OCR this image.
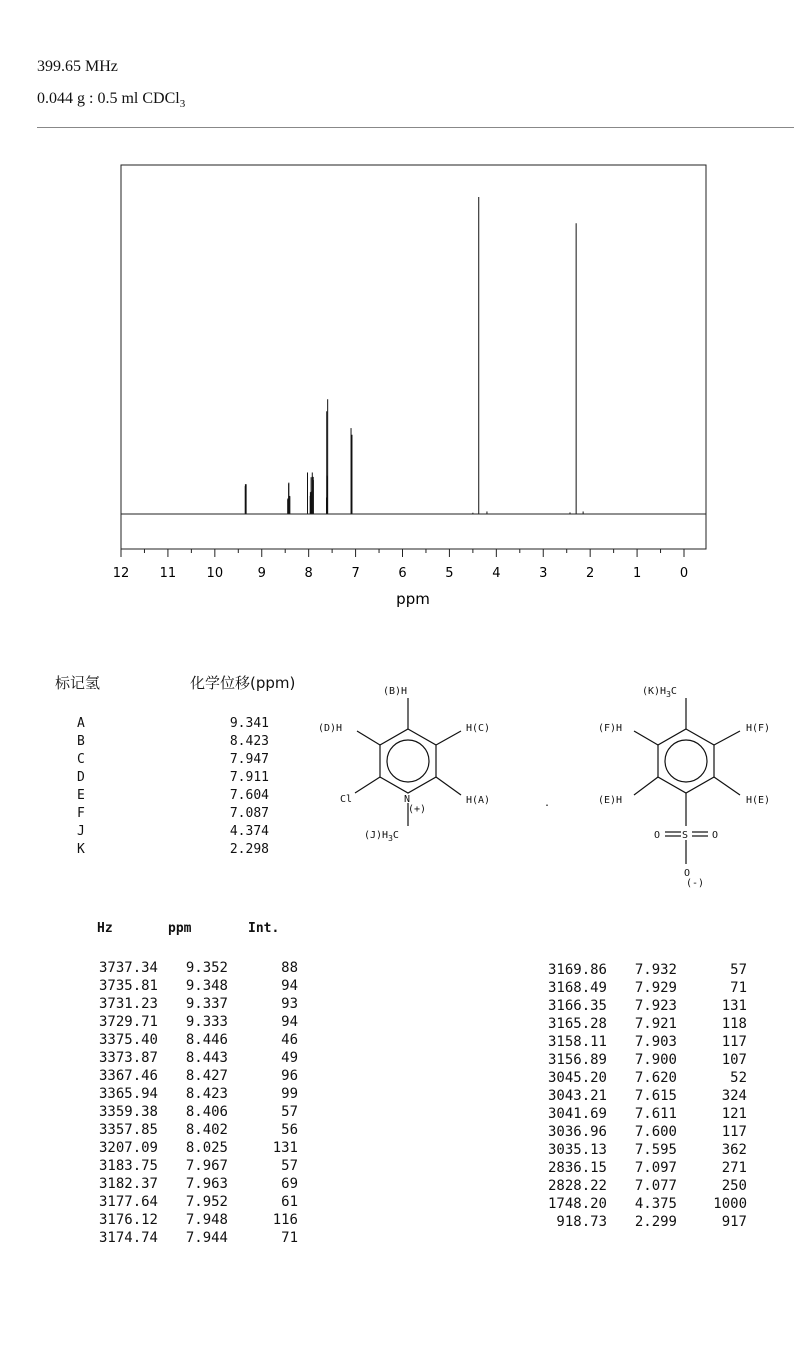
399.65 MHz
0.044 g : 0.5 ml CDCl$_3$
12 11 10	9	8	7	6	5	4	3	2	1	0
ppm
标记氢	化学位移(ppm)
A	9.341
B	8.423
C	7.947
D	7.911
E	7.604
F	7.087
J	4.374
K	2.298
(B)H
(D)H	H(C)
Cl	N
(+)
H(A)
$(J)H_3C$
.
$(K)H_3C$
(F)H	H(F)
(E)H	H(E)
O S O
O
(-)
Hz	ppm	Int.
3737.34 9.352	88
3735.81 9.348	94
3731.23 9.337	93
3729.71 9.333	94
3375.40 8.446	46
3373.87 8.443	49
3367.46 8.427	96
3365.94 8.423	99
3359.38 8.406	57
3357.85 8.402	56
3207.09 8.025	131
3183.75 7.967	57
3182.37 7.963	69
3177.64 7.952	61
3176.12 7.948	116
3174.74 7.944	71
3169.86 7.932	57
3168.49 7.929	71
3166.35 7.923	131
3165.28 7.921	118
3158.11 7.903	117
3156.89 7.900	107
3045.20 7.620	52
3043.21 7.615	324
3041.69 7.611	121
3036.96 7.600	117
3035.13 7.595	362
2836.15 7.097	271
2828.22 7.077	250
1748.20 4.375	1000
918.73 2.299	917
